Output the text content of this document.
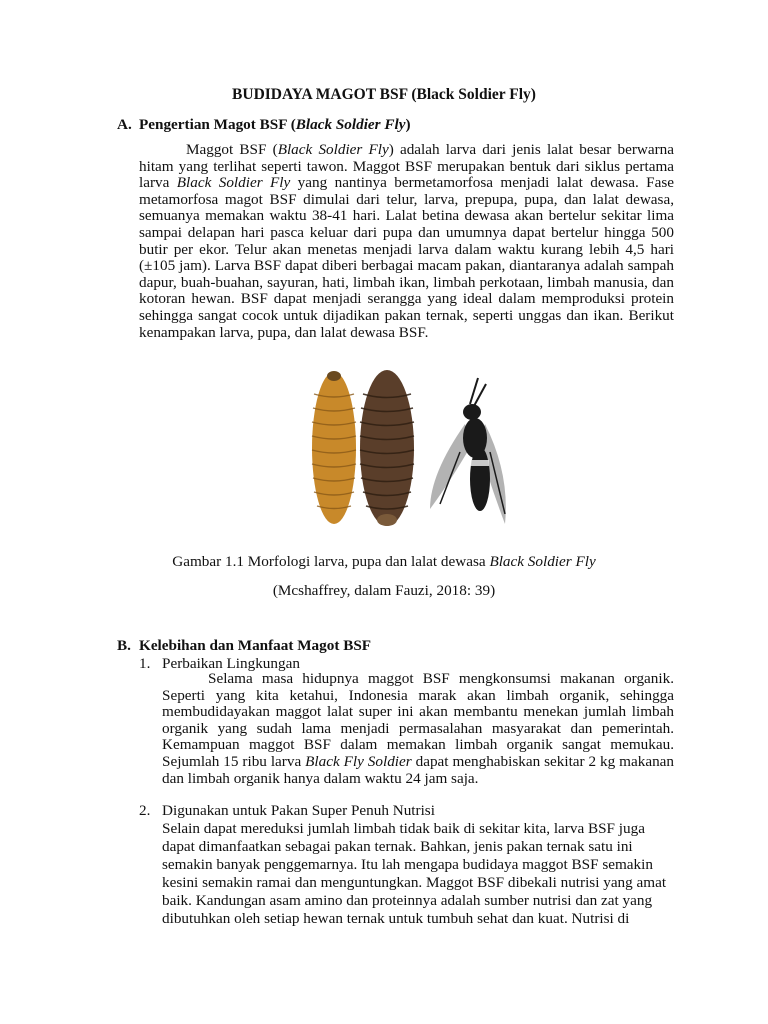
BUDIDAYA MAGOT BSF (Black Soldier Fly)
A. Pengertian Magot BSF (Black Soldier Fly)

Maggot BSF (Black Soldier Fly) adalah larva dari jenis lalat besar berwarna hitam yang terlihat seperti tawon. Maggot BSF merupakan bentuk dari siklus pertama larva Black Soldier Fly yang nantinya bermetamorfosa menjadi lalat dewasa. Fase metamorfosa magot BSF dimulai dari telur, larva, prepupa, pupa, dan lalat dewasa, semuanya memakan waktu 38-41 hari. Lalat betina dewasa akan bertelur sekitar lima sampai delapan hari pasca keluar dari pupa dan umumnya dapat bertelur hingga 500 butir per ekor. Telur akan menetas menjadi larva dalam waktu kurang lebih 4,5 hari (±105 jam). Larva BSF dapat diberi berbagai macam pakan, diantaranya adalah sampah dapur, buah-buahan, sayuran, hati, limbah ikan, limbah perkotaan, limbah manusia, dan kotoran hewan. BSF dapat menjadi serangga yang ideal dalam memproduksi protein sehingga sangat cocok untuk dijadikan pakan ternak, seperti unggas dan ikan. Berikut kenampakan larva, pupa, dan lalat dewasa BSF.

Gambar 1.1 Morfologi larva, pupa dan lalat dewasa Black Soldier Fly
(Mcshaffrey, dalam Fauzi, 2018: 39)
B. Kelebihan dan Manfaat Magot BSF
1. Perbaikan Lingkungan

Selama masa hidupnya maggot BSF mengkonsumsi makanan organik. Seperti yang kita ketahui, Indonesia marak akan limbah organik, sehingga membudidayakan maggot lalat super ini akan membantu menekan jumlah limbah organik yang sudah lama menjadi permasalahan masyarakat dan pemerintah. Kemampuan maggot BSF dalam memakan limbah organik sangat memukau. Sejumlah 15 ribu larva Black Fly Soldier dapat menghabiskan sekitar 2 kg makanan dan limbah organik hanya dalam waktu 24 jam saja.

2. Digunakan untuk Pakan Super Penuh Nutrisi

Selain dapat mereduksi jumlah limbah tidak baik di sekitar kita, larva BSF juga dapat dimanfaatkan sebagai pakan ternak. Bahkan, jenis pakan ternak satu ini semakin banyak penggemarnya. Itu lah mengapa budidaya maggot BSF semakin kesini semakin ramai dan menguntungkan. Maggot BSF dibekali nutrisi yang amat baik. Kandungan asam amino dan proteinnya adalah sumber nutrisi dan zat yang dibutuhkan oleh setiap hewan ternak untuk tumbuh sehat dan kuat. Nutrisi di
